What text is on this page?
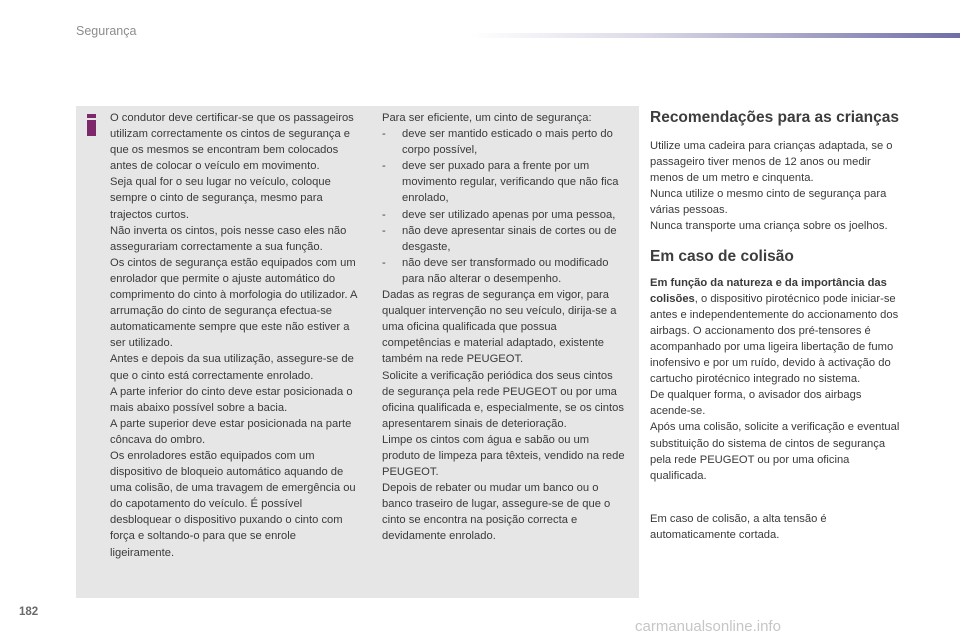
Segurança

O condutor deve certificar-se que os passageiros utilizam correctamente os cintos de segurança e que os mesmos se encontram bem colocados antes de colocar o veículo em movimento.

Seja qual for o seu lugar no veículo, coloque sempre o cinto de segurança, mesmo para trajectos curtos.

Não inverta os cintos, pois nesse caso eles não assegurariam correctamente a sua função.

Os cintos de segurança estão equipados com um enrolador que permite o ajuste automático do comprimento do cinto à morfologia do utilizador. A arrumação do cinto de segurança efectua-se automaticamente sempre que este não estiver a ser utilizado.

Antes e depois da sua utilização, assegure-se de que o cinto está correctamente enrolado.

A parte inferior do cinto deve estar posicionada o mais abaixo possível sobre a bacia.

A parte superior deve estar posicionada na parte côncava do ombro.

Os enroladores estão equipados com um dispositivo de bloqueio automático aquando de uma colisão, de uma travagem de emergência ou do capotamento do veículo. É possível desbloquear o dispositivo puxando o cinto com força e soltando-o para que se enrole ligeiramente.

Para ser eficiente, um cinto de segurança:

-	deve ser mantido esticado o mais perto do corpo possível,
-	deve ser puxado para a frente por um movimento regular, verificando que não fica enrolado,
-	deve ser utilizado apenas por uma pessoa,
-	não deve apresentar sinais de cortes ou de desgaste,
-	não deve ser transformado ou modificado para não alterar o desempenho.

Dadas as regras de segurança em vigor, para qualquer intervenção no seu veículo, dirija-se a uma oficina qualificada que possua competências e material adaptado, existente também na rede PEUGEOT.

Solicite a verificação periódica dos seus cintos de segurança pela rede PEUGEOT ou por uma oficina qualificada e, especialmente, se os cintos apresentarem sinais de deterioração.

Limpe os cintos com água e sabão ou um produto de limpeza para têxteis, vendido na rede PEUGEOT.

Depois de rebater ou mudar um banco ou o banco traseiro de lugar, assegure-se de que o cinto se encontra na posição correcta e devidamente enrolado.

Recomendações para as crianças

Utilize uma cadeira para crianças adaptada, se o passageiro tiver menos de 12 anos ou medir menos de um metro e cinquenta.

Nunca utilize o mesmo cinto de segurança para várias pessoas.

Nunca transporte uma criança sobre os joelhos.

Em caso de colisão

Em função da natureza e da importância das colisões, o dispositivo pirotécnico pode iniciar-se antes e independentemente do accionamento dos airbags. O accionamento dos pré-tensores é acompanhado por uma ligeira libertação de fumo inofensivo e por um ruído, devido à activação do cartucho pirotécnico integrado no sistema.

De qualquer forma, o avisador dos airbags acende-se.

Após uma colisão, solicite a verificação e eventual substituição do sistema de cintos de segurança pela rede PEUGEOT ou por uma oficina qualificada.

Em caso de colisão, a alta tensão é automaticamente cortada.

182
carmanualsonline.info
